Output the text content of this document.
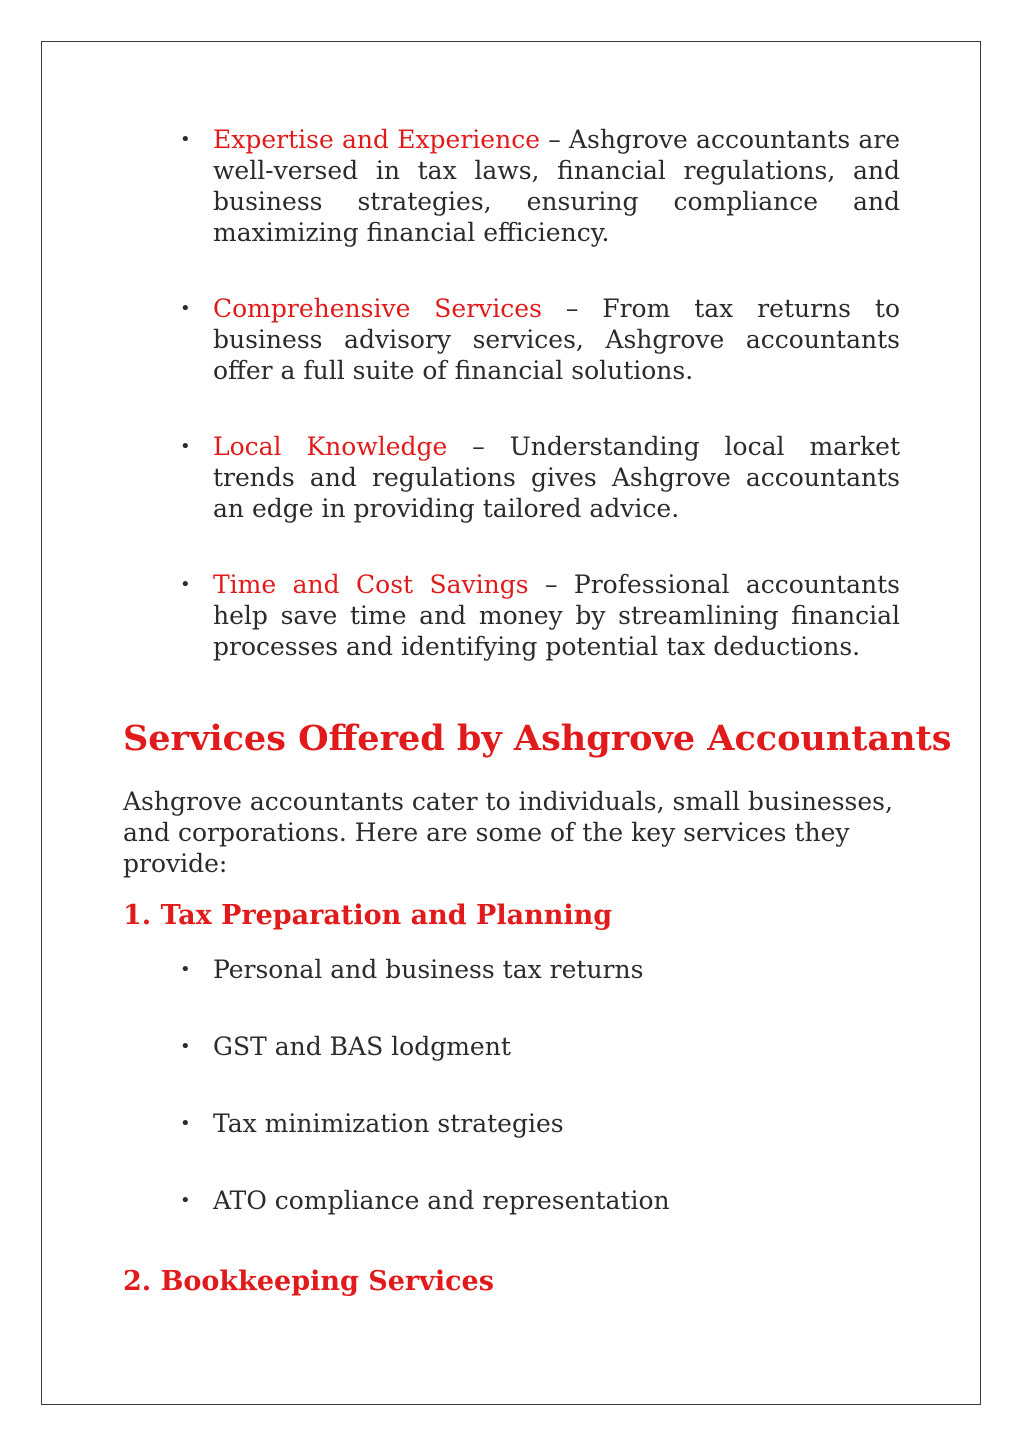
• Expertise and Experience – Ashgrove accountants are well-versed in tax laws, financial regulations, and business strategies, ensuring compliance and maximizing financial efficiency.
• Comprehensive Services – From tax returns to business advisory services, Ashgrove accountants offer a full suite of financial solutions.
• Local Knowledge – Understanding local market trends and regulations gives Ashgrove accountants an edge in providing tailored advice.
• Time and Cost Savings – Professional accountants help save time and money by streamlining financial processes and identifying potential tax deductions.
Services Offered by Ashgrove Accountants

Ashgrove accountants cater to individuals, small businesses, and corporations. Here are some of the key services they provide:

1. Tax Preparation and Planning
• Personal and business tax returns
• GST and BAS lodgment
• Tax minimization strategies
• ATO compliance and representation
2. Bookkeeping Services
